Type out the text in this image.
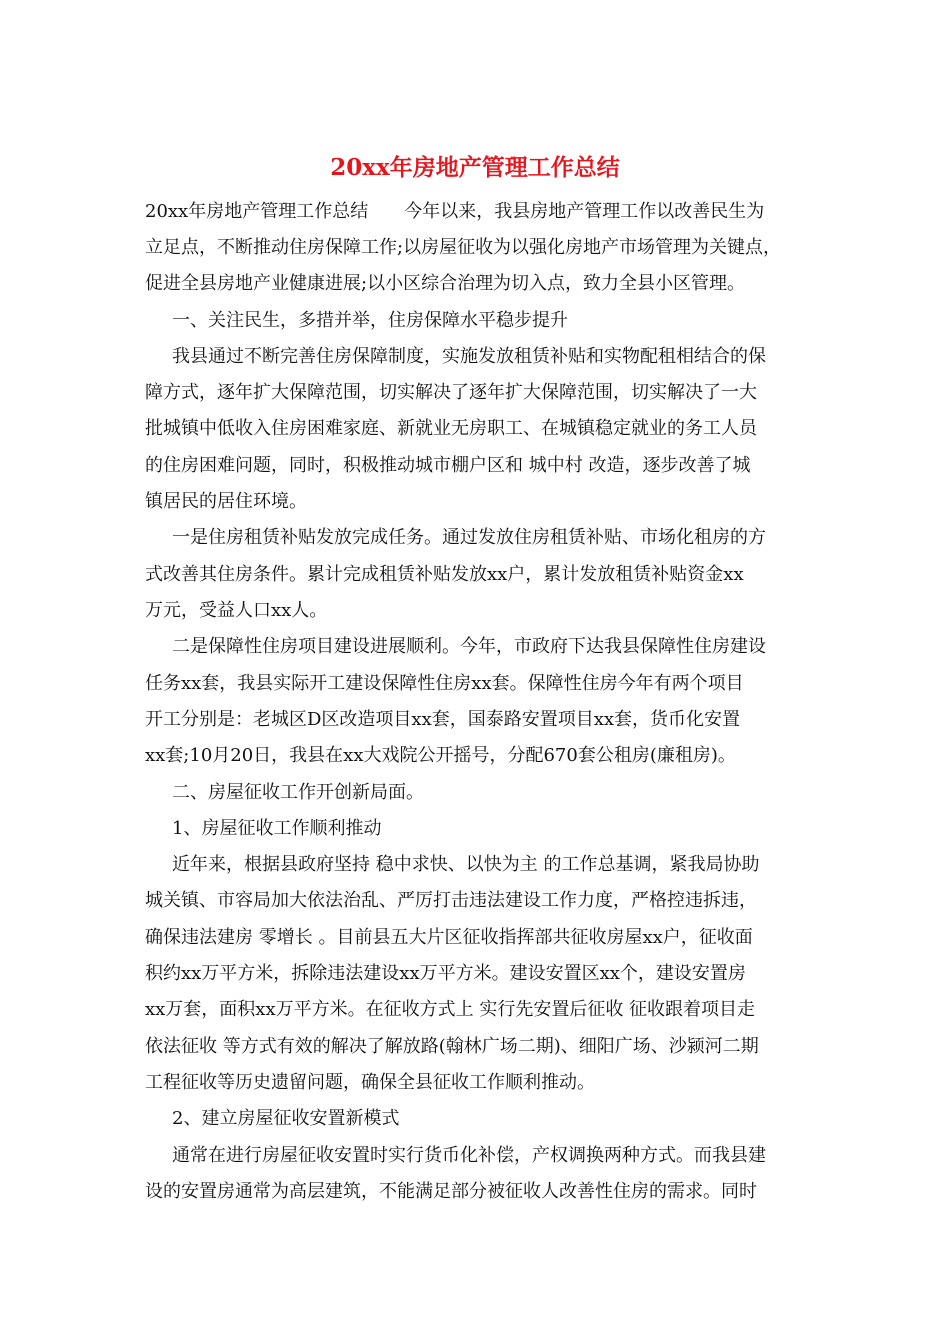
20xx年房地产管理工作总结
20xx年房地产管理工作总结　　今年以来，我县房地产管理工作以改善民生为
立足点，不断推动住房保障工作;以房屋征收为以强化房地产市场管理为关键点，
促进全县房地产业健康进展;以小区综合治理为切入点，致力全县小区管理。
一、关注民生，多措并举，住房保障水平稳步提升
我县通过不断完善住房保障制度，实施发放租赁补贴和实物配租相结合的保
障方式，逐年扩大保障范围，切实解决了逐年扩大保障范围，切实解决了一大
批城镇中低收入住房困难家庭、新就业无房职工、在城镇稳定就业的务工人员
的住房困难问题，同时，积极推动城市棚户区和 城中村 改造，逐步改善了城
镇居民的居住环境。
一是住房租赁补贴发放完成任务。通过发放住房租赁补贴、市场化租房的方
式改善其住房条件。累计完成租赁补贴发放xx户，累计发放租赁补贴资金xx
万元，受益人口xx人。
二是保障性住房项目建设进展顺利。今年，市政府下达我县保障性住房建设
任务xx套，我县实际开工建设保障性住房xx套。保障性住房今年有两个项目
开工分别是：老城区D区改造项目xx套，国泰路安置项目xx套，货币化安置
xx套;10月20日，我县在xx大戏院公开摇号，分配670套公租房(廉租房)。
二、房屋征收工作开创新局面。
1、房屋征收工作顺利推动
近年来，根据县政府坚持 稳中求快、以快为主 的工作总基调，紧我局协助
城关镇、市容局加大依法治乱、严厉打击违法建设工作力度，严格控违拆违，
确保违法建房 零增长 。目前县五大片区征收指挥部共征收房屋xx户，征收面
积约xx万平方米，拆除违法建设xx万平方米。建设安置区xx个，建设安置房
xx万套，面积xx万平方米。在征收方式上 实行先安置后征收 征收跟着项目走
依法征收 等方式有效的解决了解放路(翰林广场二期)、细阳广场、沙颍河二期
工程征收等历史遗留问题，确保全县征收工作顺利推动。
2、建立房屋征收安置新模式
通常在进行房屋征收安置时实行货币化补偿，产权调换两种方式。而我县建
设的安置房通常为高层建筑，不能满足部分被征收人改善性住房的需求。同时
